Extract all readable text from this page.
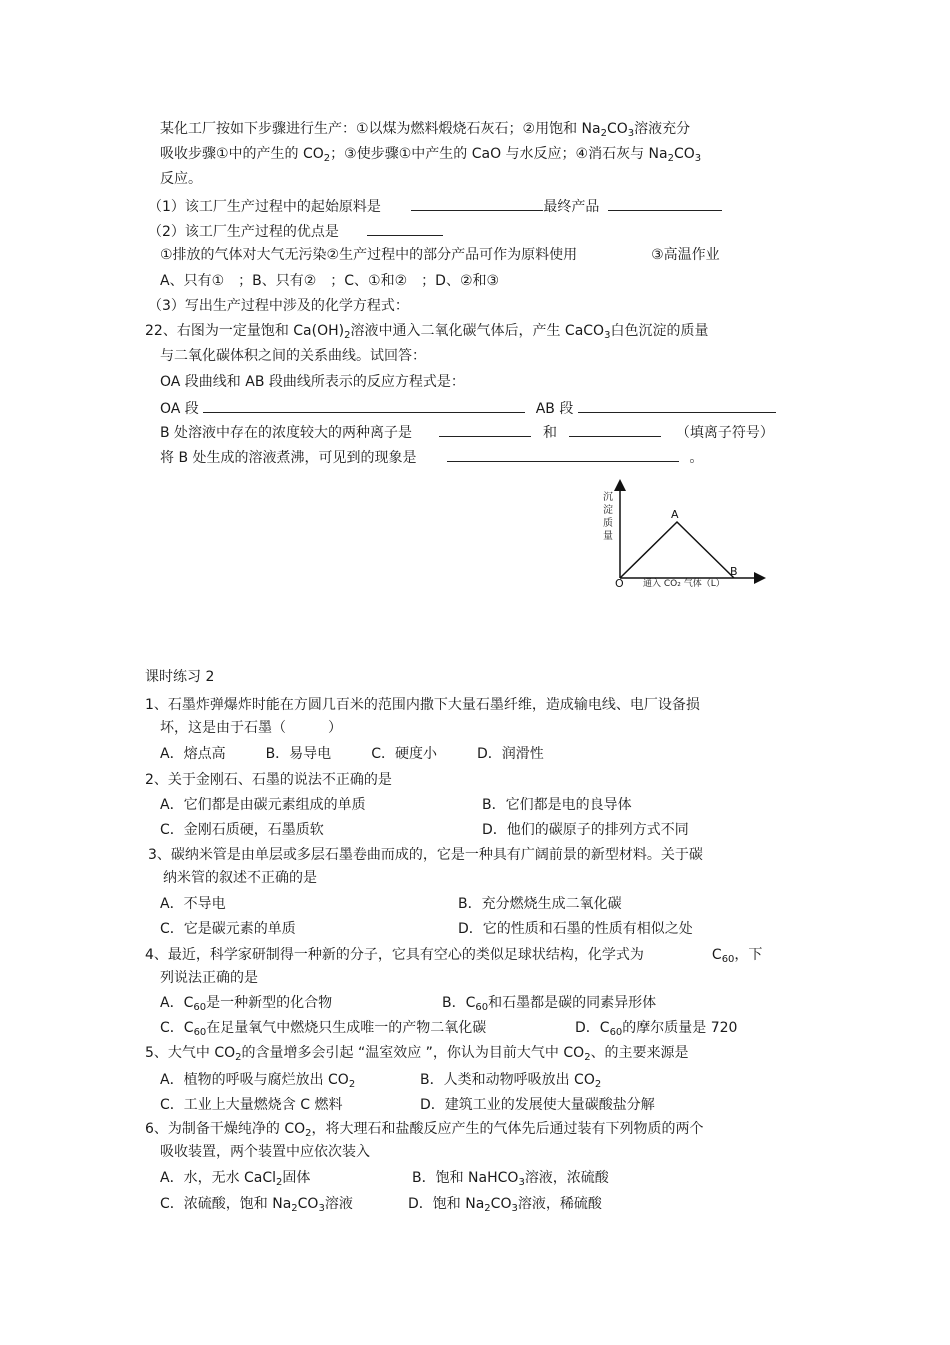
某化工厂按如下步骤进行生产：①以煤为燃料煅烧石灰石；②用饱和 $Na_2CO_3$溶液充分
吸收步骤①中的产生的 $CO_2$；③使步骤①中产生的 CaO 与水反应；④消石灰与 $Na_2CO_3$
反应。
（1）该工厂生产过程中的起始原料是	最终产品
（2）该工厂生产过程的优点是
①排放的气体对大气无污染②生产过程中的部分产品可作为原料使用	③高温作业
A、只有①　；B、只有②　；C、①和②　；D、②和③
（3）写出生产过程中涉及的化学方程式：
22、右图为一定量饱和 $Ca(OH)_2$溶液中通入二氧化碳气体后，产生 CaCO$_3$白色沉淀的质量
与二氧化碳体积之间的关系曲线。试回答：
OA 段曲线和 AB 段曲线所表示的反应方程式是：
OA 段	AB 段
B 处溶液中存在的浓度较大的两种离子是	和	（填离子符号）
将 B 处生成的溶液煮沸，可见到的现象是	。
沉淀质量
通入 CO₂ 气体（L）
O
A
B
课时练习 2
1、石墨炸弹爆炸时能在方圆几百米的范围内撒下大量石墨纤维，造成输电线、电厂设备损
坏，这是由于石墨（　　　）
A．熔点高	B．易导电	C．硬度小	D．润滑性
2、关于金刚石、石墨的说法不正确的是
A．它们都是由碳元素组成的单质	B．它们都是电的良导体
C．金刚石质硬，石墨质软	D．他们的碳原子的排列方式不同
3、碳纳米管是由单层或多层石墨卷曲而成的，它是一种具有广阔前景的新型材料。关于碳
纳米管的叙述不正确的是
A．不导电	B．充分燃烧生成二氧化碳
C．它是碳元素的单质	D．它的性质和石墨的性质有相似之处
4、最近，科学家研制得一种新的分子，它具有空心的类似足球状结构，化学式为	$C_{60}$，下
列说法正确的是
A．$C_{60}$是一种新型的化合物	B．$C_{60}$和石墨都是碳的同素异形体
C．$C_{60}$在足量氧气中燃烧只生成唯一的产物二氧化碳	D．$C_{60}$的摩尔质量是 720
5、大气中 $CO_2$的含量增多会引起 “温室效应 ”，你认为目前大气中 $CO_2$、的主要来源是
A．植物的呼吸与腐烂放出 $CO_2$	B．人类和动物呼吸放出 $CO_2$
C．工业上大量燃烧含 C 燃料	D．建筑工业的发展使大量碳酸盐分解
6、为制备干燥纯净的 $CO_2$，将大理石和盐酸反应产生的气体先后通过装有下列物质的两个
吸收装置，两个装置中应依次装入
A．水，无水 CaCl$_2$固体	B．饱和 NaHCO$_3$溶液，浓硫酸
C．浓硫酸，饱和 $Na_2CO_3$溶液	D．饱和 $Na_2CO_3$溶液，稀硫酸
